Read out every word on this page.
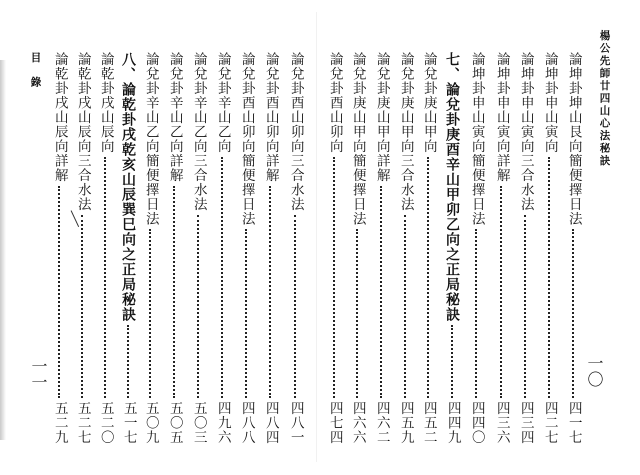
楊公先師廿四山心法秘訣
一〇
一一
目錄	論坤卦坤山艮向簡便擇日法
四一七
論坤卦申山寅向
四二七
論坤卦申山寅向三合水法
四三四
論坤卦申山寅向詳解
四三六
論坤卦申山寅向簡便擇日法
四四〇
七、論兌卦庚酉辛山甲卯乙向之正局秘訣
四四九
論兌卦庚山甲向
四五二
論兌卦庚山甲向三合水法
四五九
論兌卦庚山甲向詳解
四六二
論兌卦庚山甲向簡便擇日法
四六六
論兌卦酉山卯向
四七四
論兌卦酉山卯向三合水法
四八一
論兌卦酉山卯向詳解
四八四
論兌卦酉山卯向簡便擇日法
四八八
論兌卦辛山乙向
四九六
論兌卦辛山乙向三合水法
五〇三
論兌卦辛山乙向詳解
五〇五
論兌卦辛山乙向簡便擇日法
五〇九
八、論乾卦戌乾亥山辰巽巳向之正局秘訣
五一七
論乾卦戌山辰向
五二〇
論乾卦戌山辰向三合水法
五二七
論乾卦戌山辰向詳解
五二九
